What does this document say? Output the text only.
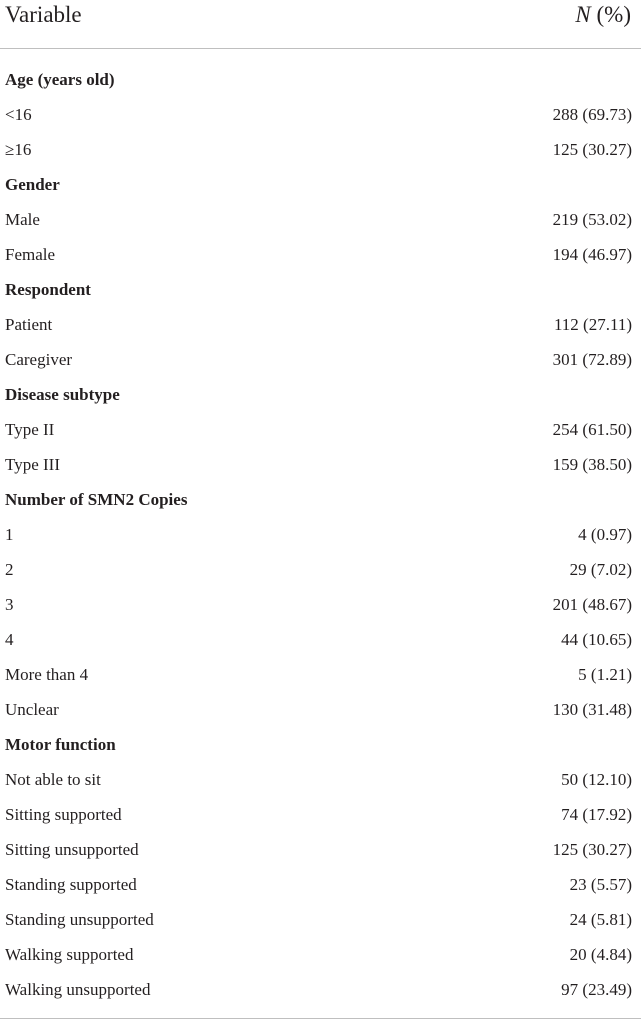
Variable	N (%)
Age (years old)
<16	288 (69.73)
≥16	125 (30.27)
Gender
Male	219 (53.02)
Female	194 (46.97)
Respondent
Patient	112 (27.11)
Caregiver	301 (72.89)
Disease subtype
Type II	254 (61.50)
Type III	159 (38.50)
Number of SMN2 Copies
1	4 (0.97)
2	29 (7.02)
3	201 (48.67)
4	44 (10.65)
More than 4	5 (1.21)
Unclear	130 (31.48)
Motor function
Not able to sit	50 (12.10)
Sitting supported	74 (17.92)
Sitting unsupported	125 (30.27)
Standing supported	23 (5.57)
Standing unsupported	24 (5.81)
Walking supported	20 (4.84)
Walking unsupported	97 (23.49)
